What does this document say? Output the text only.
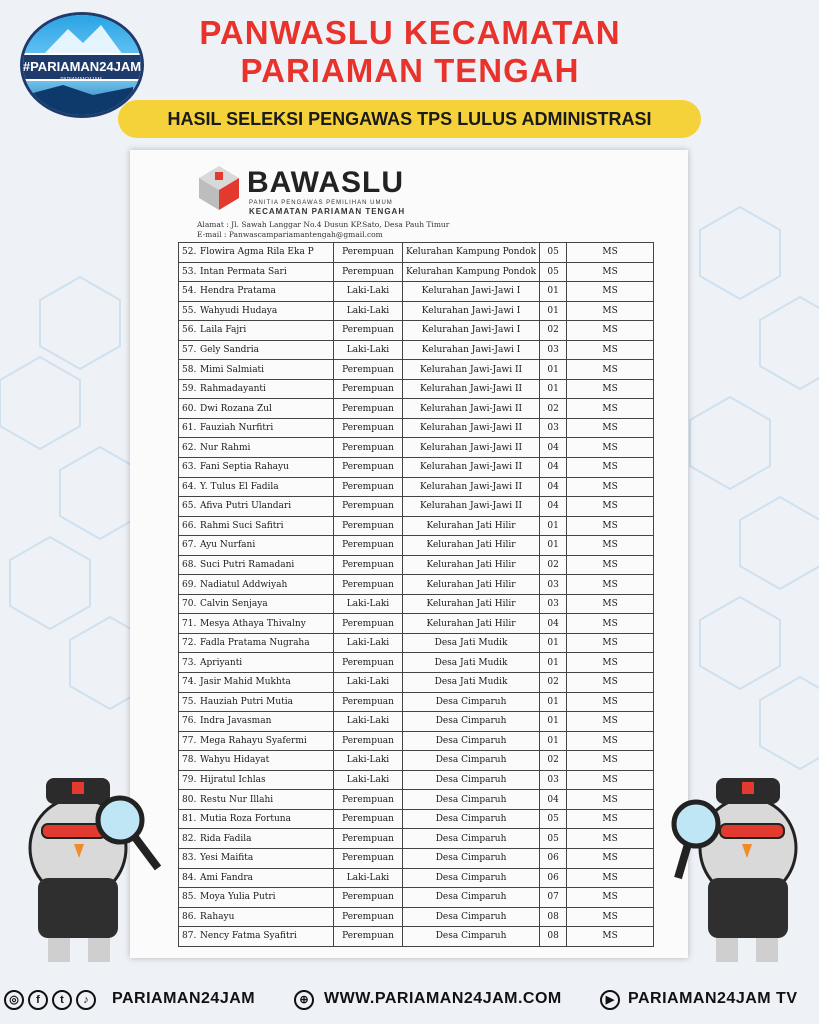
#PARIAMAN24JAM
PARIAMAN24JAM
PANWASLU KECAMATAN
PARIAMAN TENGAH
HASIL SELEKSI PENGAWAS TPS LULUS ADMINISTRASI
BAWASLU
PANITIA PENGAWAS PEMILIHAN UMUM
KECAMATAN PARIAMAN TENGAH
Alamat : Jl. Sawah Langgar No.4 Dusun KP.Sato, Desa Pauh Timur
E-mail : Panwascampariamantengah@gmail.com
52. Flowira Agma Rila Eka P	Perempuan	Kelurahan Kampung Pondok	05	MS
53. Intan Permata Sari	Perempuan	Kelurahan Kampung Pondok	05	MS
54. Hendra Pratama	Laki-Laki	Kelurahan Jawi-Jawi I	01	MS
55. Wahyudi Hudaya	Laki-Laki	Kelurahan Jawi-Jawi I	01	MS
56. Laila Fajri	Perempuan	Kelurahan Jawi-Jawi I	02	MS
57. Gely Sandria	Laki-Laki	Kelurahan Jawi-Jawi I	03	MS
58. Mimi Salmiati	Perempuan	Kelurahan Jawi-Jawi II	01	MS
59. Rahmadayanti	Perempuan	Kelurahan Jawi-Jawi II	01	MS
60. Dwi Rozana Zul	Perempuan	Kelurahan Jawi-Jawi II	02	MS
61. Fauziah Nurfitri	Perempuan	Kelurahan Jawi-Jawi II	03	MS
62. Nur Rahmi	Perempuan	Kelurahan Jawi-Jawi II	04	MS
63. Fani Septia Rahayu	Perempuan	Kelurahan Jawi-Jawi II	04	MS
64. Y. Tulus El Fadila	Perempuan	Kelurahan Jawi-Jawi II	04	MS
65. Afiva Putri Ulandari	Perempuan	Kelurahan Jawi-Jawi II	04	MS
66. Rahmi Suci Safitri	Perempuan	Kelurahan Jati Hilir	01	MS
67. Ayu Nurfani	Perempuan	Kelurahan Jati Hilir	01	MS
68. Suci Putri Ramadani	Perempuan	Kelurahan Jati Hilir	02	MS
69. Nadiatul Addwiyah	Perempuan	Kelurahan Jati Hilir	03	MS
70. Calvin Senjaya	Laki-Laki	Kelurahan Jati Hilir	03	MS
71. Mesya Athaya Thivalny	Perempuan	Kelurahan Jati Hilir	04	MS
72. Fadla Pratama Nugraha	Laki-Laki	Desa Jati Mudik	01	MS
73. Apriyanti	Perempuan	Desa Jati Mudik	01	MS
74. Jasir Mahid Mukhta	Laki-Laki	Desa Jati Mudik	02	MS
75. Hauziah Putri Mutia	Perempuan	Desa Cimparuh	01	MS
76. Indra Javasman	Laki-Laki	Desa Cimparuh	01	MS
77. Mega Rahayu Syafermi	Perempuan	Desa Cimparuh	01	MS
78. Wahyu Hidayat	Laki-Laki	Desa Cimparuh	02	MS
79. Hijratul Ichlas	Laki-Laki	Desa Cimparuh	03	MS
80. Restu Nur Illahi	Perempuan	Desa Cimparuh	04	MS
81. Mutia Roza Fortuna	Perempuan	Desa Cimparuh	05	MS
82. Rida Fadila	Perempuan	Desa Cimparuh	05	MS
83. Yesi Maifita	Perempuan	Desa Cimparuh	06	MS
84. Ami Fandra	Laki-Laki	Desa Cimparuh	06	MS
85. Moya Yulia Putri	Perempuan	Desa Cimparuh	07	MS
86. Rahayu	Perempuan	Desa Cimparuh	08	MS
87. Nency Fatma Syafitri	Perempuan	Desa Cimparuh	08	MS
◎	f	t	♪	PARIAMAN24JAM	⊕ WWW.PARIAMAN24JAM.COM	▶ PARIAMAN24JAM TV
